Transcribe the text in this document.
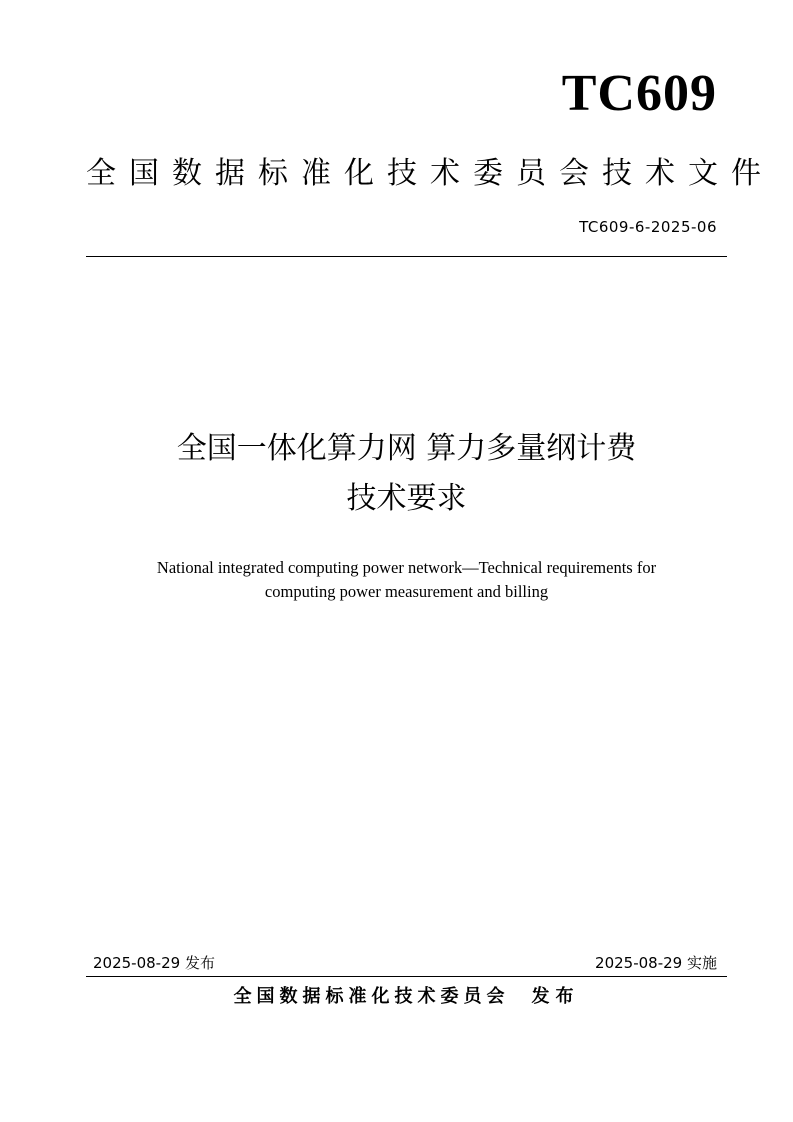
TC609
全国数据标准化技术委员会技术文件
TC609-6-2025-06
全国一体化算力网 算力多量纲计费
技术要求
National integrated computing power network—Technical requirements for
computing power measurement and billing
2025-08-29 发布	2025-08-29 实施
全国数据标准化技术委员会 发布
